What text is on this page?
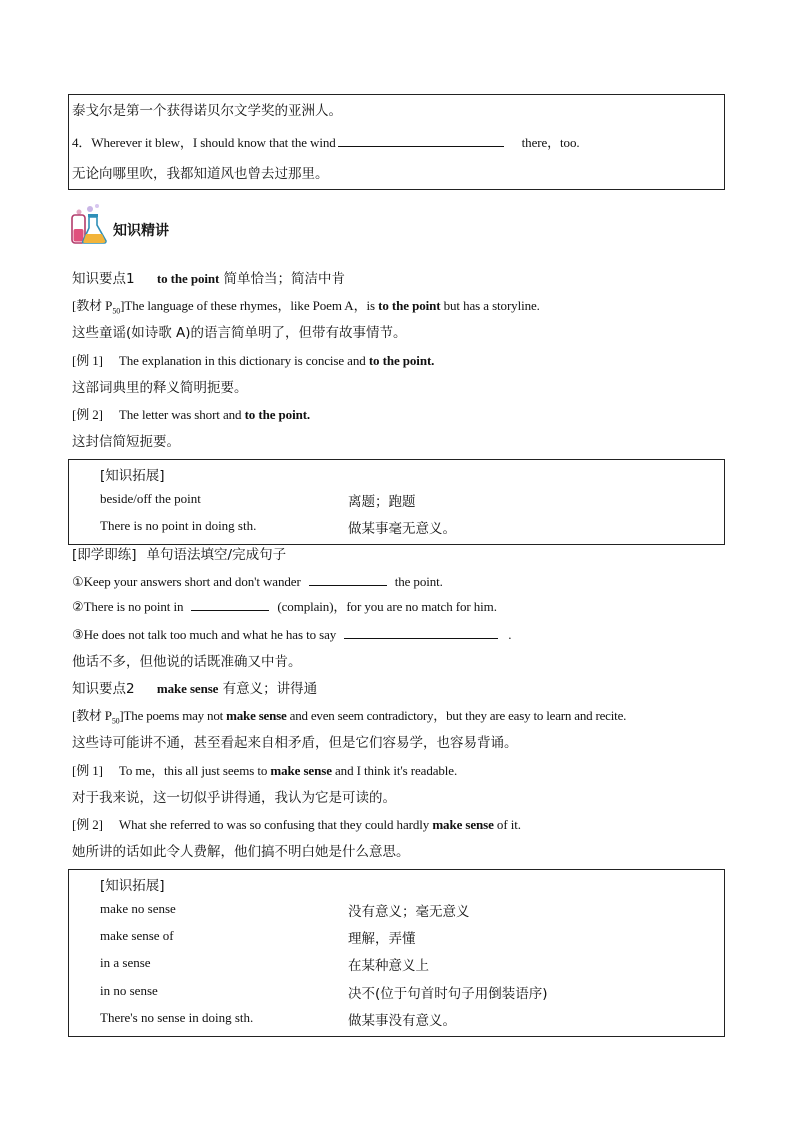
泰戈尔是第一个获得诺贝尔文学奖的亚洲人。
4．Wherever it blew，I should know that the wind	there，too.
无论向哪里吹，我都知道风也曾去过那里。
知识精讲
知识要点1 to the point 简单恰当；简洁中肯
[教材 $P_{50}]The$ language of these rhymes，like Poem A，is to the point but has a storyline.
这些童谣(如诗歌 A)的语言简单明了，但带有故事情节。
[例 1] The explanation in this dictionary is concise and to the point.
这部词典里的释义简明扼要。
[例 2] The letter was short and to the point.
这封信简短扼要。
[知识拓展]
beside/off the point	离题；跑题
There is no point in doing sth.	做某事毫无意义。
[即学即练] 单句语法填空/完成句子
①Keep your answers short and don't wander	the point.
②There is no point in	(complain)，for you are no match for him.
③He does not talk too much and what he has to say	.
他话不多，但他说的话既准确又中肯。
知识要点2 make sense 有意义；讲得通
[教材 $P_{50}]The$ poems may not make sense and even seem contradictory，but they are easy to learn and recite.
这些诗可能讲不通，甚至看起来自相矛盾，但是它们容易学，也容易背诵。
[例 1] To me，this all just seems to make sense and I think it's readable.
对于我来说，这一切似乎讲得通，我认为它是可读的。
[例 2] What she referred to was so confusing that they could hardly make sense of it.
她所讲的话如此令人费解，他们搞不明白她是什么意思。
[知识拓展]
make no sense	没有意义；毫无意义
make sense of	理解，弄懂
in a sense	在某种意义上
in no sense	决不(位于句首时句子用倒装语序)
There's no sense in doing sth.	做某事没有意义。
